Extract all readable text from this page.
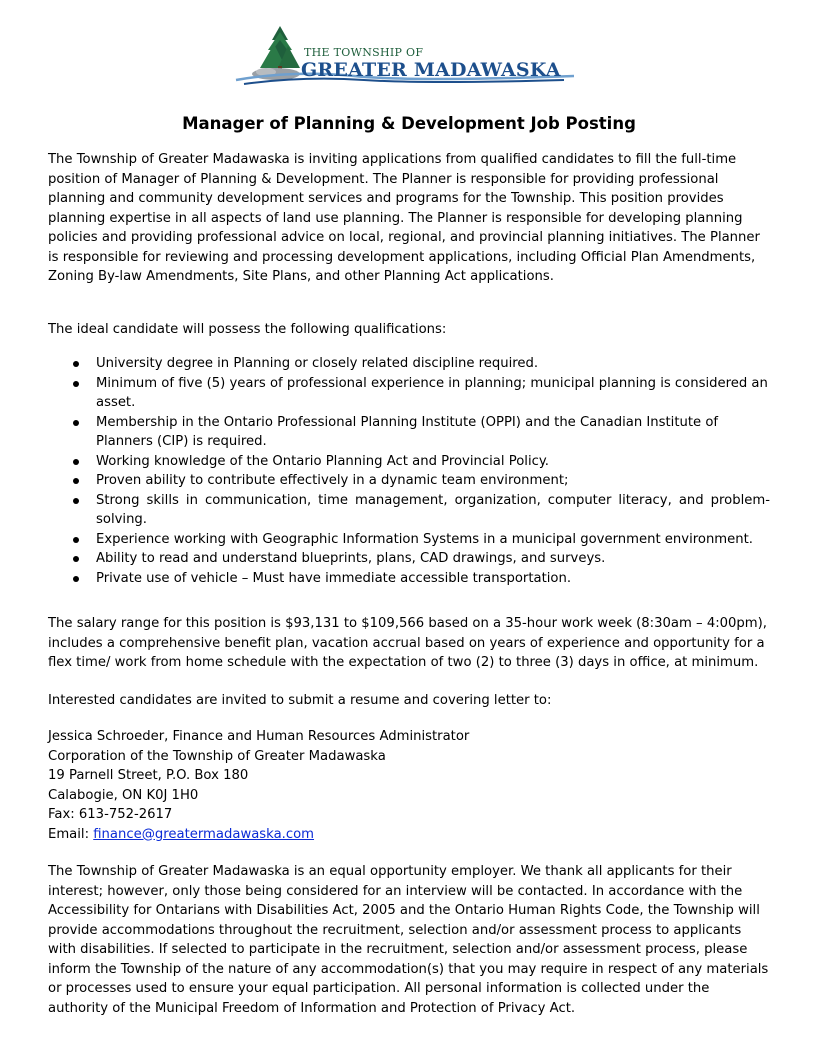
THE TOWNSHIP OF
GREATER MADAWASKA
Manager of Planning & Development Job Posting

The Township of Greater Madawaska is inviting applications from qualified candidates to fill the full-time position of Manager of Planning & Development. The Planner is responsible for providing professional planning and community development services and programs for the Township. This position provides planning expertise in all aspects of land use planning. The Planner is responsible for developing planning policies and providing professional advice on local, regional, and provincial planning initiatives. The Planner is responsible for reviewing and processing development applications, including Official Plan Amendments, Zoning By-law Amendments, Site Plans, and other Planning Act applications.

The ideal candidate will possess the following qualifications:

University degree in Planning or closely related discipline required.
Minimum of five (5) years of professional experience in planning; municipal planning is considered an asset.
Membership in the Ontario Professional Planning Institute (OPPI) and the Canadian Institute of Planners (CIP) is required.
Working knowledge of the Ontario Planning Act and Provincial Policy.
Proven ability to contribute effectively in a dynamic team environment;
Strong skills in communication, time management, organization, computer literacy, and problem-solving.
Experience working with Geographic Information Systems in a municipal government environment.
Ability to read and understand blueprints, plans, CAD drawings, and surveys.
Private use of vehicle – Must have immediate accessible transportation.

The salary range for this position is $93,131 to $109,566 based on a 35-hour work week (8:30am – 4:00pm), includes a comprehensive benefit plan, vacation accrual based on years of experience and opportunity for a flex time/ work from home schedule with the expectation of two (2) to three (3) days in office, at minimum.

Interested candidates are invited to submit a resume and covering letter to:

Jessica Schroeder, Finance and Human Resources Administrator
Corporation of the Township of Greater Madawaska
19 Parnell Street, P.O. Box 180
Calabogie, ON K0J 1H0
Fax: 613-752-2617
Email: finance@greatermadawaska.com

The Township of Greater Madawaska is an equal opportunity employer. We thank all applicants for their interest; however, only those being considered for an interview will be contacted. In accordance with the Accessibility for Ontarians with Disabilities Act, 2005 and the Ontario Human Rights Code, the Township will provide accommodations throughout the recruitment, selection and/or assessment process to applicants with disabilities. If selected to participate in the recruitment, selection and/or assessment process, please inform the Township of the nature of any accommodation(s) that you may require in respect of any materials or processes used to ensure your equal participation. All personal information is collected under the authority of the Municipal Freedom of Information and Protection of Privacy Act.
